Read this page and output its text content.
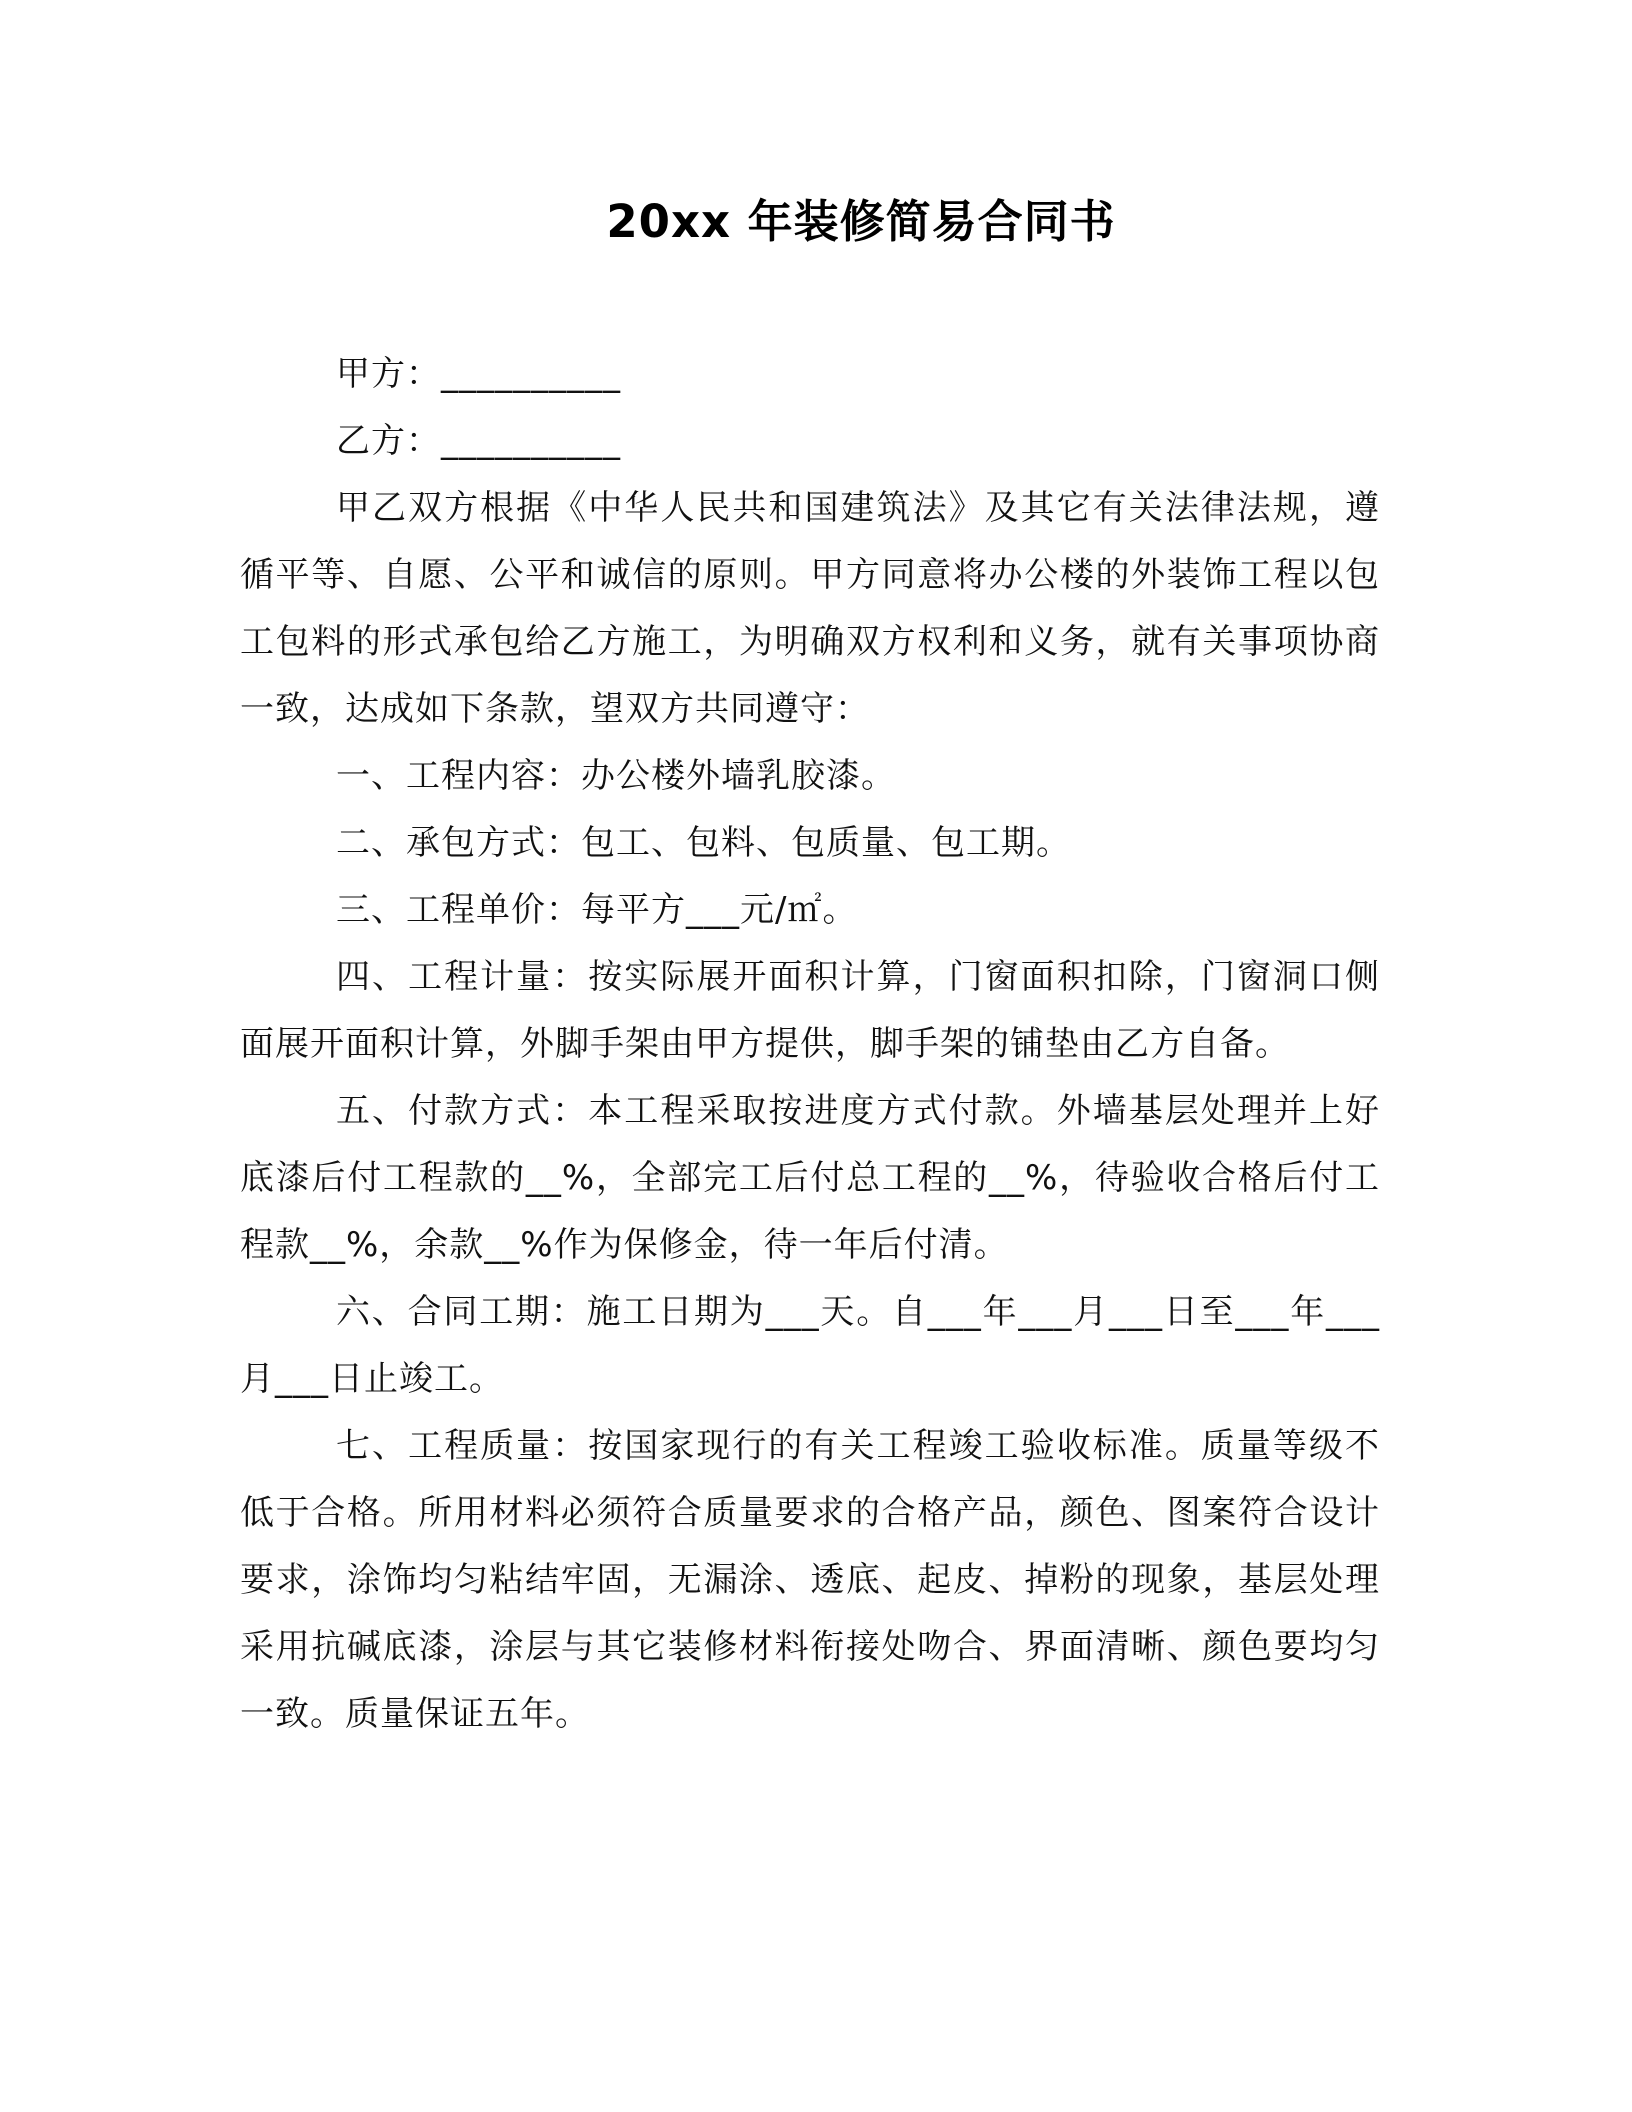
20xx 年装修简易合同书

甲方：__________

乙方：__________

甲乙双方根据《中华人民共和国建筑法》及其它有关法律法规，遵循平等、自愿、公平和诚信的原则。甲方同意将办公楼的外装饰工程以包工包料的形式承包给乙方施工，为明确双方权利和义务，就有关事项协商一致，达成如下条款，望双方共同遵守：

一、工程内容：办公楼外墙乳胶漆。

二、承包方式：包工、包料、包质量、包工期。

三、工程单价：每平方___元/㎡。

四、工程计量：按实际展开面积计算，门窗面积扣除，门窗洞口侧面展开面积计算，外脚手架由甲方提供，脚手架的铺垫由乙方自备。

五、付款方式：本工程采取按进度方式付款。外墙基层处理并上好底漆后付工程款的__%，全部完工后付总工程的__%，待验收合格后付工程款__%，余款__%作为保修金，待一年后付清。

六、合同工期：施工日期为___天。自___年___月___日至___年___月___日止竣工。

七、工程质量：按国家现行的有关工程竣工验收标准。质量等级不低于合格。所用材料必须符合质量要求的合格产品，颜色、图案符合设计要求，涂饰均匀粘结牢固，无漏涂、透底、起皮、掉粉的现象，基层处理采用抗碱底漆，涂层与其它装修材料衔接处吻合、界面清晰、颜色要均匀一致。质量保证五年。
